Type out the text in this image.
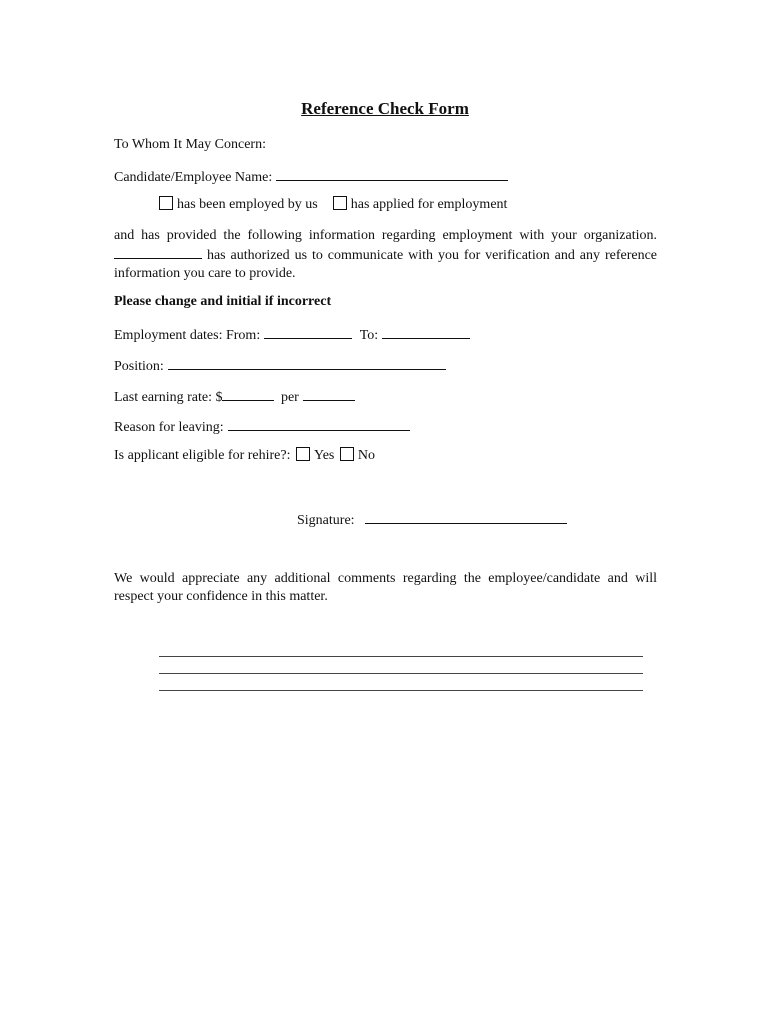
Reference Check Form
To Whom It May Concern:
Candidate/Employee Name:
has been employed by us has applied for employment
and has provided the following information regarding employment with your organization.  has authorized us to communicate with you for verification and any reference information you care to provide.
Please change and initial if incorrect
Employment dates: From:	To:
Position:
Last earning rate: $	per
Reason for leaving:
Is applicant eligible for rehire?: Yes No
Signature:
We would appreciate any additional comments regarding the employee/candidate and will respect your confidence in this matter.
